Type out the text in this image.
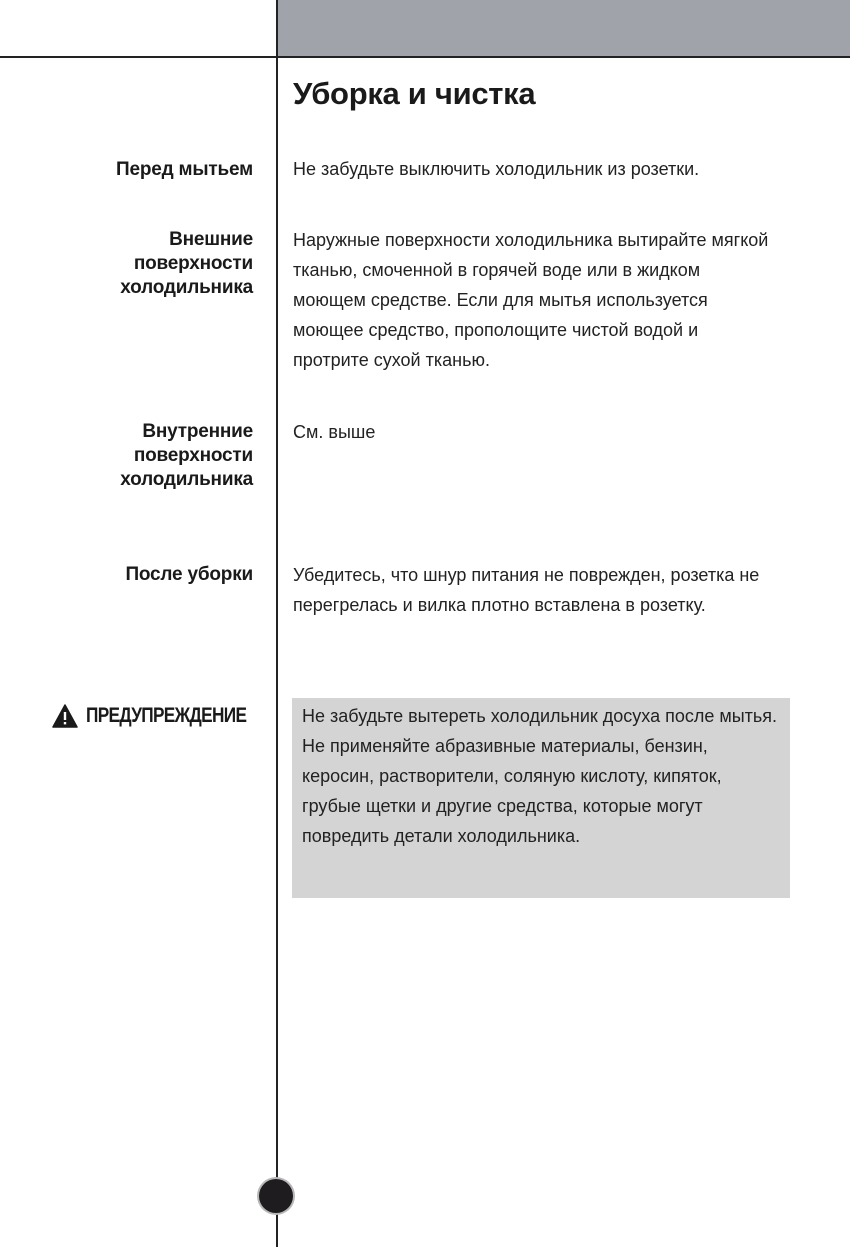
Уборка и чистка
Перед мытьем Не забудьте выключить холодильник из розетки.
Внешние
поверхности
холодильника
Наружные поверхности холодильника вытирайте мягкой тканью, смоченной в горячей воде или в жидком моющем средстве. Если для мытья используется моющее средство, прополощите чистой водой и протрите сухой тканью.
Внутренние
поверхности
холодильника
См. выше
После уборки Убедитесь, что шнур питания не поврежден, розетка не перегрелась и вилка плотно вставлена в розетку.
ПРЕДУПРЕЖДЕНИЕ	Не забудьте вытереть холодильник досуха после мытья.

Не применяйте абразивные материалы, бензин, керосин, растворители, соляную кислоту, кипяток, грубые щетки и другие средства, которые могут повредить детали холодильника.
